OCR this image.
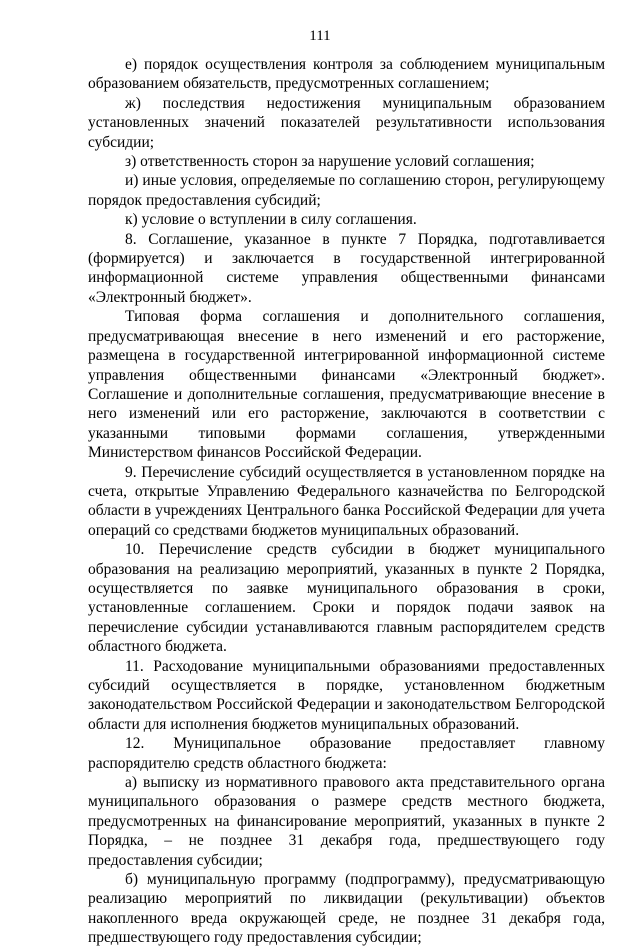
111

е) порядок осуществления контроля за соблюдением муниципальным образованием обязательств, предусмотренных соглашением;

ж) последствия недостижения муниципальным образованием установленных значений показателей результативности использования субсидии;

з) ответственность сторон за нарушение условий соглашения;

и) иные условия, определяемые по соглашению сторон, регулирующему порядок предоставления субсидий;

к) условие о вступлении в силу соглашения.

8. Соглашение, указанное в пункте 7 Порядка, подготавливается (формируется) и заключается в государственной интегрированной информационной системе управления общественными финансами «Электронный бюджет».

Типовая форма соглашения и дополнительного соглашения, предусматривающая внесение в него изменений и его расторжение, размещена в государственной интегрированной информационной системе управления общественными финансами «Электронный бюджет». Соглашение и дополнительные соглашения, предусматривающие внесение в него изменений или его расторжение, заключаются в соответствии с указанными типовыми формами соглашения, утвержденными Министерством финансов Российской Федерации.

9. Перечисление субсидий осуществляется в установленном порядке на счета, открытые Управлению Федерального казначейства по Белгородской области в учреждениях Центрального банка Российской Федерации для учета операций со средствами бюджетов муниципальных образований.

10. Перечисление средств субсидии в бюджет муниципального образования на реализацию мероприятий, указанных в пункте 2 Порядка, осуществляется по заявке муниципального образования в сроки, установленные соглашением. Сроки и порядок подачи заявок на перечисление субсидии устанавливаются главным распорядителем средств областного бюджета.

11. Расходование муниципальными образованиями предоставленных субсидий осуществляется в порядке, установленном бюджетным законодательством Российской Федерации и законодательством Белгородской области для исполнения бюджетов муниципальных образований.

12. Муниципальное образование предоставляет главному распорядителю средств областного бюджета:

а) выписку из нормативного правового акта представительного органа муниципального образования о размере средств местного бюджета, предусмотренных на финансирование мероприятий, указанных в пункте 2 Порядка, – не позднее 31 декабря года, предшествующего году предоставления субсидии;

б) муниципальную программу (подпрограмму), предусматривающую реализацию мероприятий по ликвидации (рекультивации) объектов накопленного вреда окружающей среде, не позднее 31 декабря года, предшествующего году предоставления субсидии;
